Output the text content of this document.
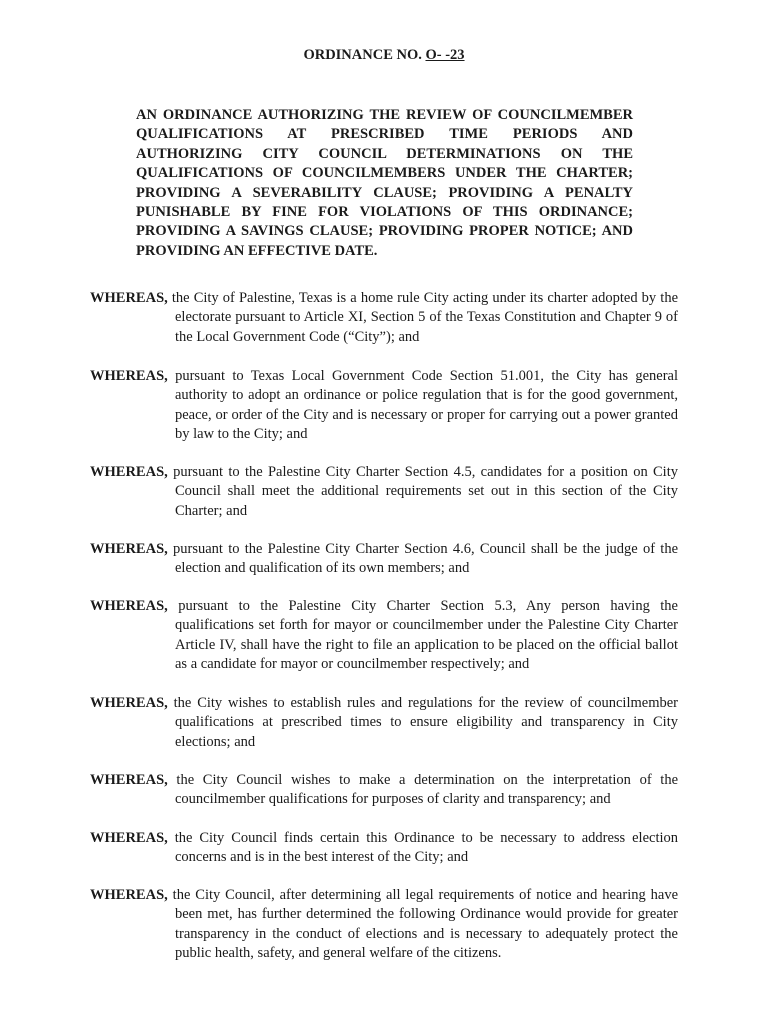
ORDINANCE NO. O- -23
AN ORDINANCE AUTHORIZING THE REVIEW OF COUNCILMEMBER QUALIFICATIONS AT PRESCRIBED TIME PERIODS AND AUTHORIZING CITY COUNCIL DETERMINATIONS ON THE QUALIFICATIONS OF COUNCILMEMBERS UNDER THE CHARTER; PROVIDING A SEVERABILITY CLAUSE; PROVIDING A PENALTY PUNISHABLE BY FINE FOR VIOLATIONS OF THIS ORDINANCE; PROVIDING A SAVINGS CLAUSE; PROVIDING PROPER NOTICE; AND PROVIDING AN EFFECTIVE DATE.
WHEREAS, the City of Palestine, Texas is a home rule City acting under its charter adopted by the electorate pursuant to Article XI, Section 5 of the Texas Constitution and Chapter 9 of the Local Government Code (“City”); and
WHEREAS, pursuant to Texas Local Government Code Section 51.001, the City has general authority to adopt an ordinance or police regulation that is for the good government, peace, or order of the City and is necessary or proper for carrying out a power granted by law to the City; and
WHEREAS, pursuant to the Palestine City Charter Section 4.5, candidates for a position on City Council shall meet the additional requirements set out in this section of the City Charter; and
WHEREAS, pursuant to the Palestine City Charter Section 4.6, Council shall be the judge of the election and qualification of its own members; and
WHEREAS, pursuant to the Palestine City Charter Section 5.3, Any person having the qualifications set forth for mayor or councilmember under the Palestine City Charter Article IV, shall have the right to file an application to be placed on the official ballot as a candidate for mayor or councilmember respectively; and
WHEREAS, the City wishes to establish rules and regulations for the review of councilmember qualifications at prescribed times to ensure eligibility and transparency in City elections; and
WHEREAS, the City Council wishes to make a determination on the interpretation of the councilmember qualifications for purposes of clarity and transparency; and
WHEREAS, the City Council finds certain this Ordinance to be necessary to address election concerns and is in the best interest of the City; and
WHEREAS, the City Council, after determining all legal requirements of notice and hearing have been met, has further determined the following Ordinance would provide for greater transparency in the conduct of elections and is necessary to adequately protect the public health, safety, and general welfare of the citizens.
